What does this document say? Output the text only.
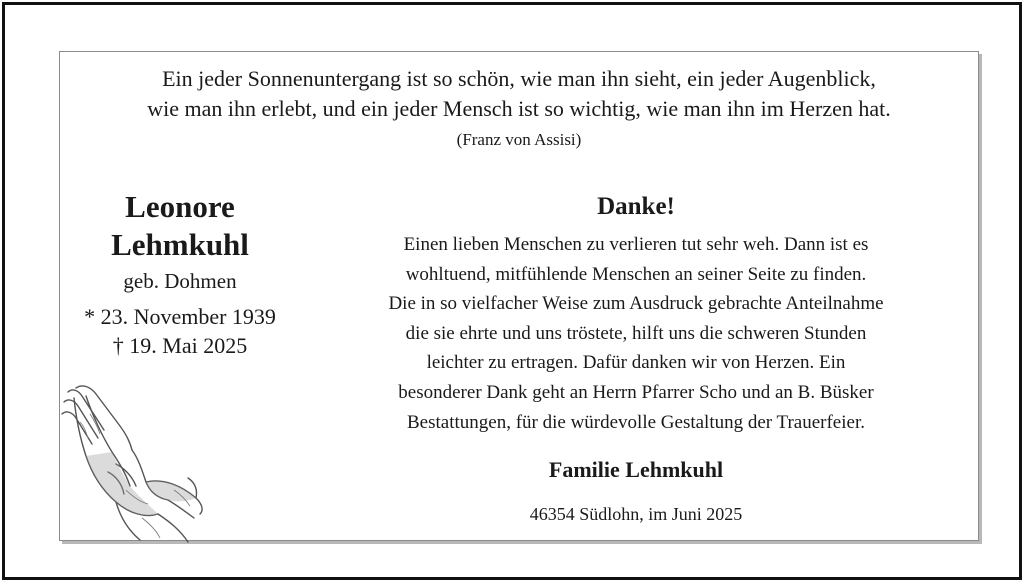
Ein jeder Sonnenuntergang ist so schön, wie man ihn sieht, ein jeder Augenblick,
wie man ihn erlebt, und ein jeder Mensch ist so wichtig, wie man ihn im Herzen hat.
(Franz von Assisi)
Leonore
Lehmkuhl
geb. Dohmen
* 23. November 1939
† 19. Mai 2025
Danke!
Einen lieben Menschen zu verlieren tut sehr weh. Dann ist es
wohltuend, mitfühlende Menschen an seiner Seite zu finden.
Die in so vielfacher Weise zum Ausdruck gebrachte Anteilnahme
die sie ehrte und uns tröstete, hilft uns die schweren Stunden
leichter zu ertragen. Dafür danken wir von Herzen. Ein
besonderer Dank geht an Herrn Pfarrer Scho und an B. Büsker
Bestattungen, für die würdevolle Gestaltung der Trauerfeier.
Familie Lehmkuhl
46354 Südlohn, im Juni 2025
